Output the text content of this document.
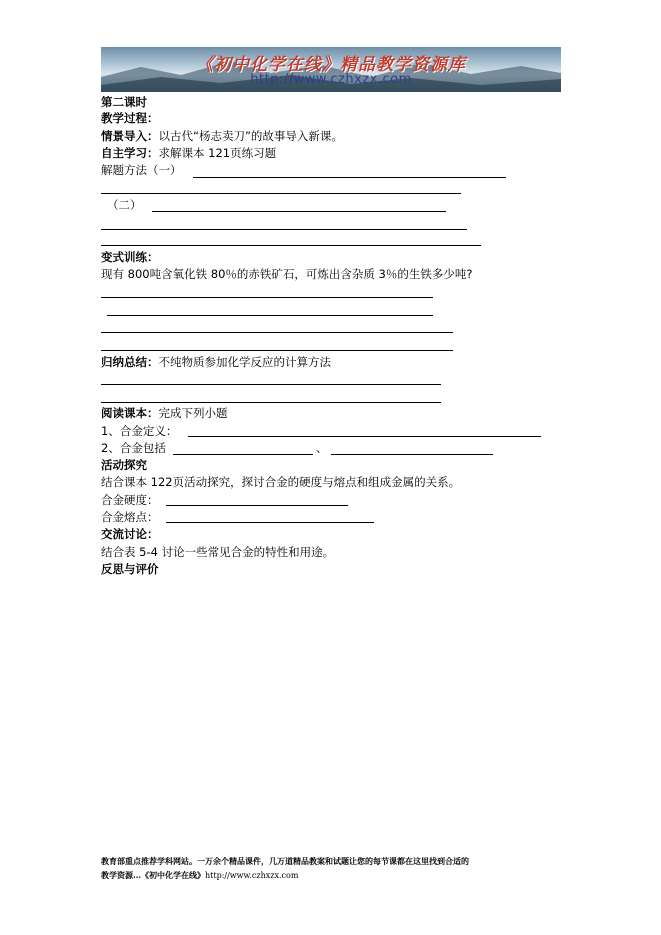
《初中化学在线》精品教学资源库
http://www.czhxzx.com
第二课时
教学过程：
情景导入：以古代“杨志卖刀”的故事导入新课。
自主学习：求解课本 121页练习题
解题方法（一）
（二）
变式训练：
现有 800吨含氧化铁 80％的赤铁矿石，可炼出含杂质 3％的生铁多少吨?
归纳总结：不纯物质参加化学反应的计算方法
阅读课本：完成下列小题
1、合金定义：
2、合金包括	、
活动探究
结合课本 122页活动探究，探讨合金的硬度与熔点和组成金属的关系。
合金硬度：
合金熔点：
交流讨论：
结合表 5-4 讨论一些常见合金的特性和用途。
反思与评价
教育部重点推荐学科网站。一万余个精品课件，几万道精品教案和试题让您的每节课都在这里找到合适的
教学资源…《初中化学在线》http://www.czhxzx.com
